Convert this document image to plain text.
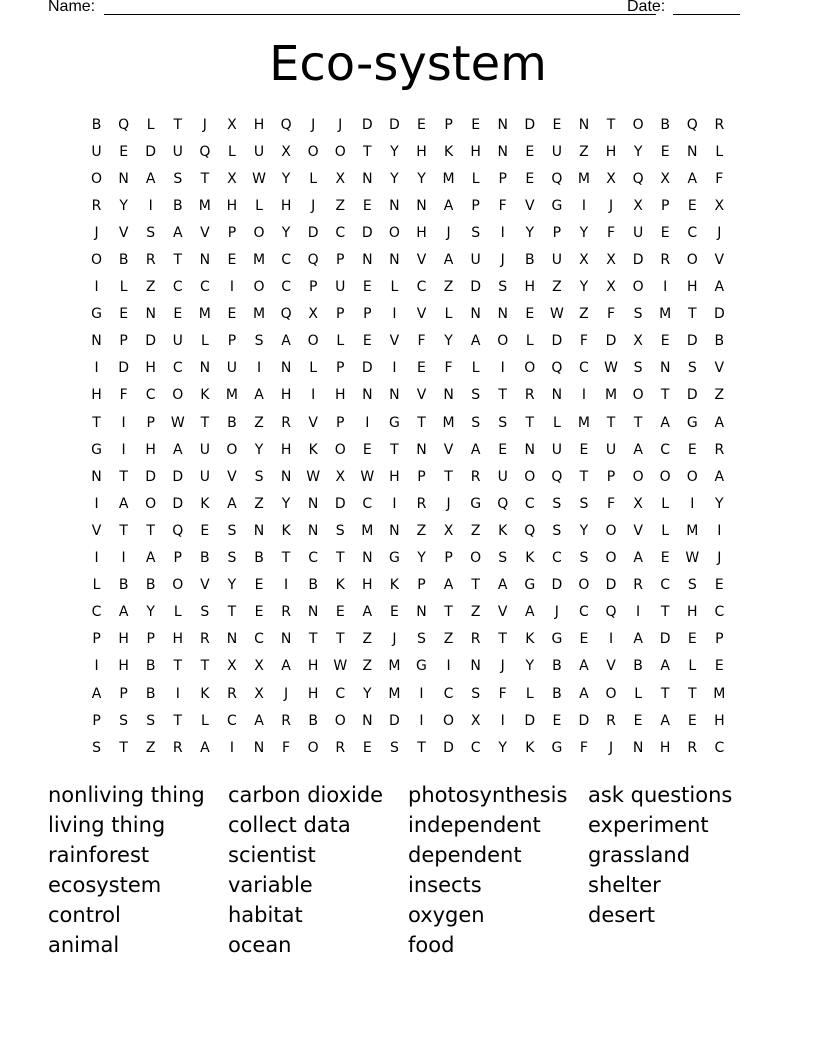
Name:	Date:
Eco-system
B	Q	L	T	J	X	H	Q	J	J	D	D	E	P	E	N	D	E	N	T	O	B	Q	R
U	E	D	U	Q	L	U	X	O	O	T	Y	H	K	H	N	E	U	Z	H	Y	E	N	L
O	N	A	S	T	X	W	Y	L	X	N	Y	Y	M	L	P	E	Q	M	X	Q	X	A	F
R	Y	I	B	M	H	L	H	J	Z	E	N	N	A	P	F	V	G	I	J	X	P	E	X
J	V	S	A	V	P	O	Y	D	C	D	O	H	J	S	I	Y	P	Y	F	U	E	C	J
O	B	R	T	N	E	M	C	Q	P	N	N	V	A	U	J	B	U	X	X	D	R	O	V
I	L	Z	C	C	I	O	C	P	U	E	L	C	Z	D	S	H	Z	Y	X	O	I	H	A
G	E	N	E	M	E	M	Q	X	P	P	I	V	L	N	N	E	W	Z	F	S	M	T	D
N	P	D	U	L	P	S	A	O	L	E	V	F	Y	A	O	L	D	F	D	X	E	D	B
I	D	H	C	N	U	I	N	L	P	D	I	E	F	L	I	O	Q	C	W	S	N	S	V
H	F	C	O	K	M	A	H	I	H	N	N	V	N	S	T	R	N	I	M	O	T	D	Z
T	I	P	W	T	B	Z	R	V	P	I	G	T	M	S	S	T	L	M	T	T	A	G	A
G	I	H	A	U	O	Y	H	K	O	E	T	N	V	A	E	N	U	E	U	A	C	E	R
N	T	D	D	U	V	S	N	W	X	W	H	P	T	R	U	O	Q	T	P	O	O	O	A
I	A	O	D	K	A	Z	Y	N	D	C	I	R	J	G	Q	C	S	S	F	X	L	I	Y
V	T	T	Q	E	S	N	K	N	S	M	N	Z	X	Z	K	Q	S	Y	O	V	L	M	I
I	I	A	P	B	S	B	T	C	T	N	G	Y	P	O	S	K	C	S	O	A	E	W	J
L	B	B	O	V	Y	E	I	B	K	H	K	P	A	T	A	G	D	O	D	R	C	S	E
C	A	Y	L	S	T	E	R	N	E	A	E	N	T	Z	V	A	J	C	Q	I	T	H	C
P	H	P	H	R	N	C	N	T	T	Z	J	S	Z	R	T	K	G	E	I	A	D	E	P
I	H	B	T	T	X	X	A	H	W	Z	M	G	I	N	J	Y	B	A	V	B	A	L	E
A	P	B	I	K	R	X	J	H	C	Y	M	I	C	S	F	L	B	A	O	L	T	T	M
P	S	S	T	L	C	A	R	B	O	N	D	I	O	X	I	D	E	D	R	E	A	E	H
S	T	Z	R	A	I	N	F	O	R	E	S	T	D	C	Y	K	G	F	J	N	H	R	C
nonliving thing
living thing
rainforest
ecosystem
control
animal
carbon dioxide
collect data
scientist
variable
habitat
ocean
photosynthesis
independent
dependent
insects
oxygen
food
ask questions
experiment
grassland
shelter
desert
